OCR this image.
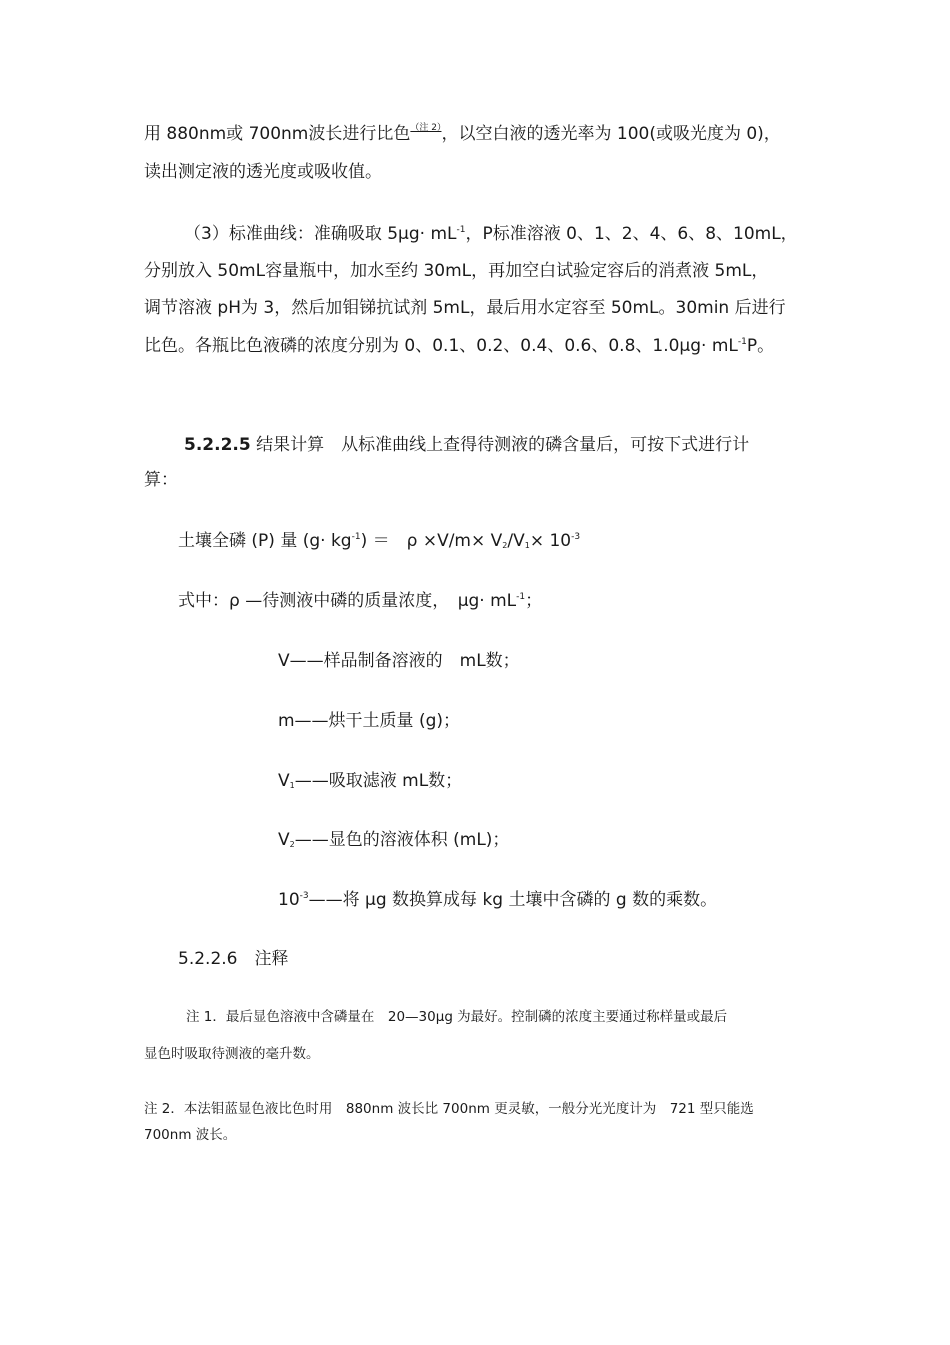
用 880nm或 700nm波长进行比色$^{(注 2)}$，以空白液的透光率为 100(或吸光度为 0)，
读出测定液的透光度或吸收值。
（3）标准曲线：准确吸取 $5\mu g\cdot mL^{-1}$，P标准溶液 0、1、2、4、6、8、10mL，
分别放入 50mL容量瓶中，加水至约 30mL，再加空白试验定容后的消煮液 5mL，
调节溶液 pH为 3，然后加钼锑抗试剂 5mL，最后用水定容至 50mL。30min 后进行
比色。各瓶比色液磷的浓度分别为 0、0.1、0.2、0.4、0.6、0.8、$1.0\mu g\cdot mL^{-1}P$。
5.2.2.5 结果计算　从标准曲线上查得待测液的磷含量后，可按下式进行计
算：
土壤全磷 (P) 量 $(g\cdot kg^{-1})$ ＝　$\rho \times V/m\times V_2/V_1\times 10^{-3}$
式中：ρ —待测液中磷的质量浓度，　$\mu g\cdot mL^{-1}$；
V——样品制备溶液的　mL数；
m——烘干土质量 (g)；
$V_1——$吸取滤液 mL数；
$V_2——$显色的溶液体积 (mL)；
$10^{-3}——$将 μg 数换算成每 kg 土壤中含磷的 g 数的乘数。
5.2.2.6　注释
注 1．最后显色溶液中含磷量在　20—30μg 为最好。控制磷的浓度主要通过称样量或最后
显色时吸取待测液的毫升数。
注 2．本法钼蓝显色液比色时用　880nm 波长比 700nm 更灵敏，一般分光光度计为　721 型只能选
700nm 波长。
